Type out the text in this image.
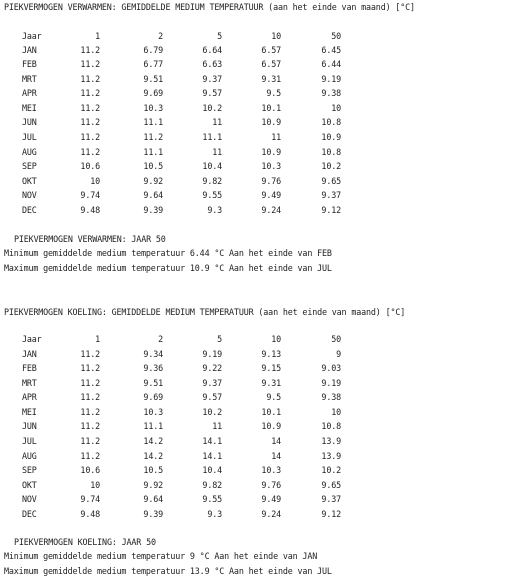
PIEKVERMOGEN VERWARMEN: GEMIDDELDE MEDIUM TEMPERATUUR (aan het einde van maand) [°C]
Jaar	1	2	5	10	50
JAN	11.2	6.79	6.64	6.57	6.45
FEB	11.2	6.77	6.63	6.57	6.44
MRT	11.2	9.51	9.37	9.31	9.19
APR	11.2	9.69	9.57	9.5	9.38
MEI	11.2	10.3	10.2	10.1	10
JUN	11.2	11.1	11	10.9	10.8
JUL	11.2	11.2	11.1	11	10.9
AUG	11.2	11.1	11	10.9	10.8
SEP	10.6	10.5	10.4	10.3	10.2
OKT	10	9.92	9.82	9.76	9.65
NOV	9.74	9.64	9.55	9.49	9.37
DEC	9.48	9.39	9.3	9.24	9.12
PIEKVERMOGEN VERWARMEN: JAAR 50
Minimum gemiddelde medium temperatuur 6.44 °C Aan het einde van FEB
Maximum gemiddelde medium temperatuur 10.9 °C Aan het einde van JUL
PIEKVERMOGEN KOELING: GEMIDDELDE MEDIUM TEMPERATUUR (aan het einde van maand) [°C]
Jaar	1	2	5	10	50
JAN	11.2	9.34	9.19	9.13	9
FEB	11.2	9.36	9.22	9.15	9.03
MRT	11.2	9.51	9.37	9.31	9.19
APR	11.2	9.69	9.57	9.5	9.38
MEI	11.2	10.3	10.2	10.1	10
JUN	11.2	11.1	11	10.9	10.8
JUL	11.2	14.2	14.1	14	13.9
AUG	11.2	14.2	14.1	14	13.9
SEP	10.6	10.5	10.4	10.3	10.2
OKT	10	9.92	9.82	9.76	9.65
NOV	9.74	9.64	9.55	9.49	9.37
DEC	9.48	9.39	9.3	9.24	9.12
PIEKVERMOGEN KOELING: JAAR 50
Minimum gemiddelde medium temperatuur 9 °C Aan het einde van JAN
Maximum gemiddelde medium temperatuur 13.9 °C Aan het einde van JUL
